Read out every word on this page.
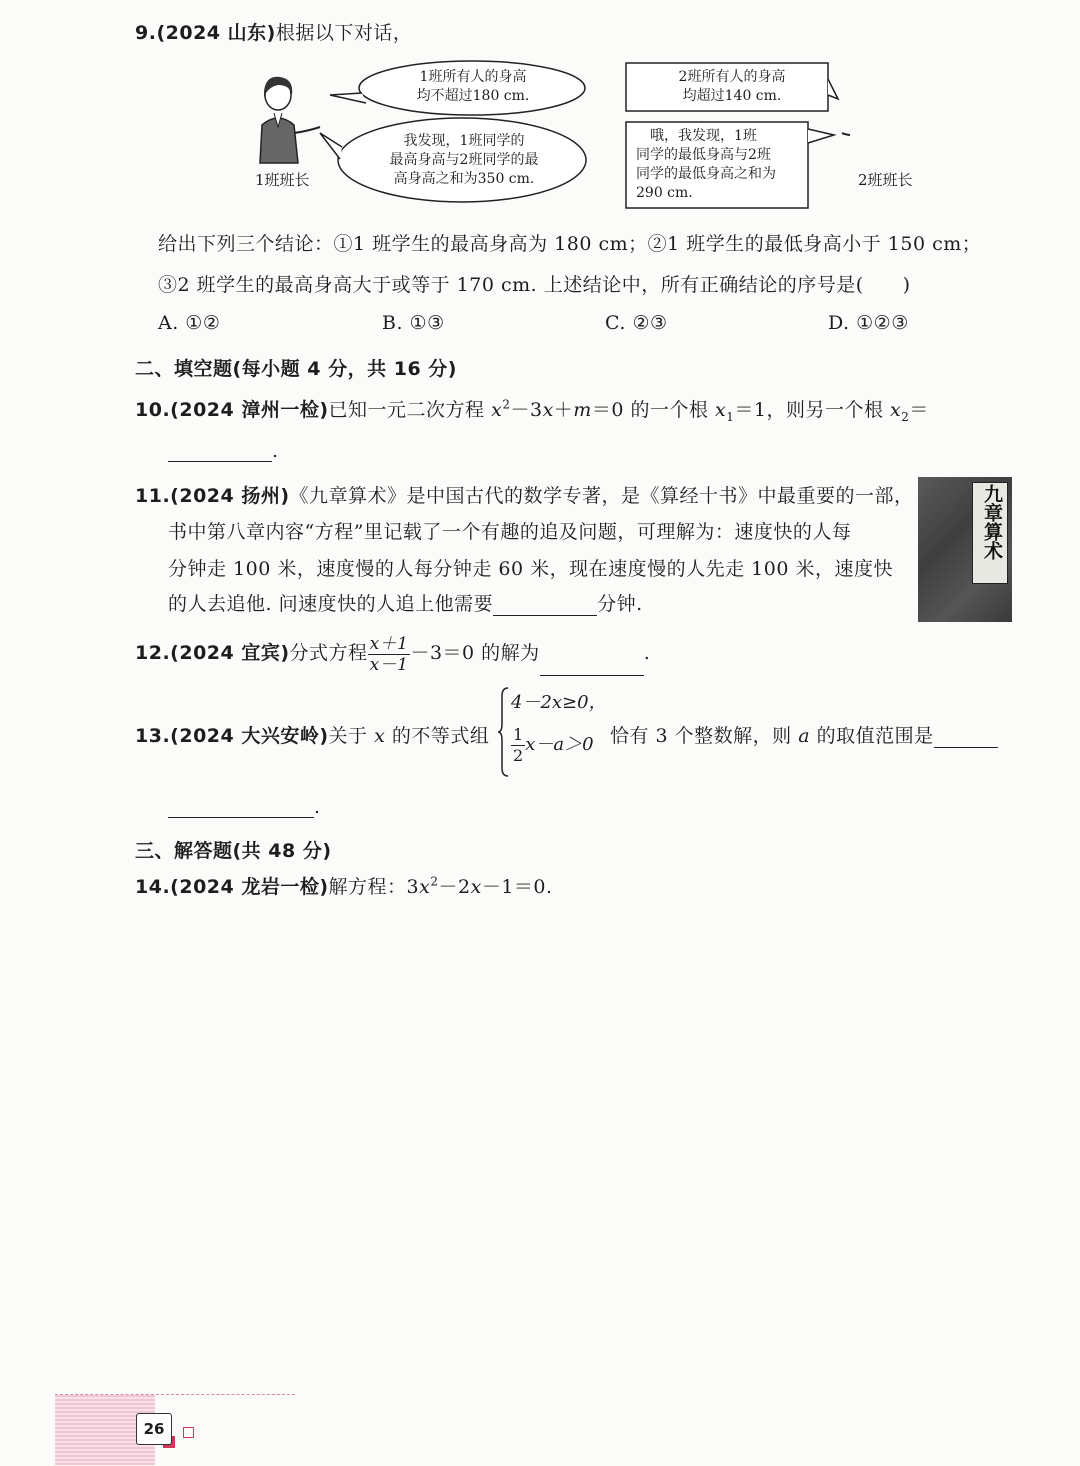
9.(2024 山东)根据以下对话，
1班所有人的身高
均不超过180 cm.
我发现，1班同学的
最高身高与2班同学的最
高身高之和为350 cm.
1班班长
2班所有人的身高
均超过140 cm.
哦，我发现，1班
同学的最低身高与2班
同学的最低身高之和为
290 cm.
2班班长
给出下列三个结论：①1 班学生的最高身高为 180 cm；②1 班学生的最低身高小于 150 cm；
③2 班学生的最高身高大于或等于 170 cm. 上述结论中，所有正确结论的序号是(　　)
A. ①②	B. ①③	C. ②③	D. ①②③
二、填空题(每小题 4 分，共 16 分)
10.(2024 漳州一检)已知一元二次方程 $x^2-3x+m=0$ 的一个根 $x_1=1$，则另一个根 $x_2=$
.
11.(2024 扬州)《九章算术》是中国古代的数学专著，是《算经十书》中最重要的一部，
书中第八章内容“方程”里记载了一个有趣的追及问题，可理解为：速度快的人每
分钟走 100 米，速度慢的人每分钟走 60 米，现在速度慢的人先走 100 米，速度快
的人去追他. 问速度快的人追上他需要	分钟.
九章算术
12.(2024 宜宾)分式方程 $\frac{x+1}{x-1} -3=0$ 的解为	.
13.(2024 大兴安岭)关于 x 的不等式组
4－2x≥0，
$\frac{1}{2} x-a>0$ 恰有 3 个整数解，则 a 的取值范围是
.
三、解答题(共 48 分)
14.(2024 龙岩一检)解方程：$3x^2-2x-1=0$.
26
